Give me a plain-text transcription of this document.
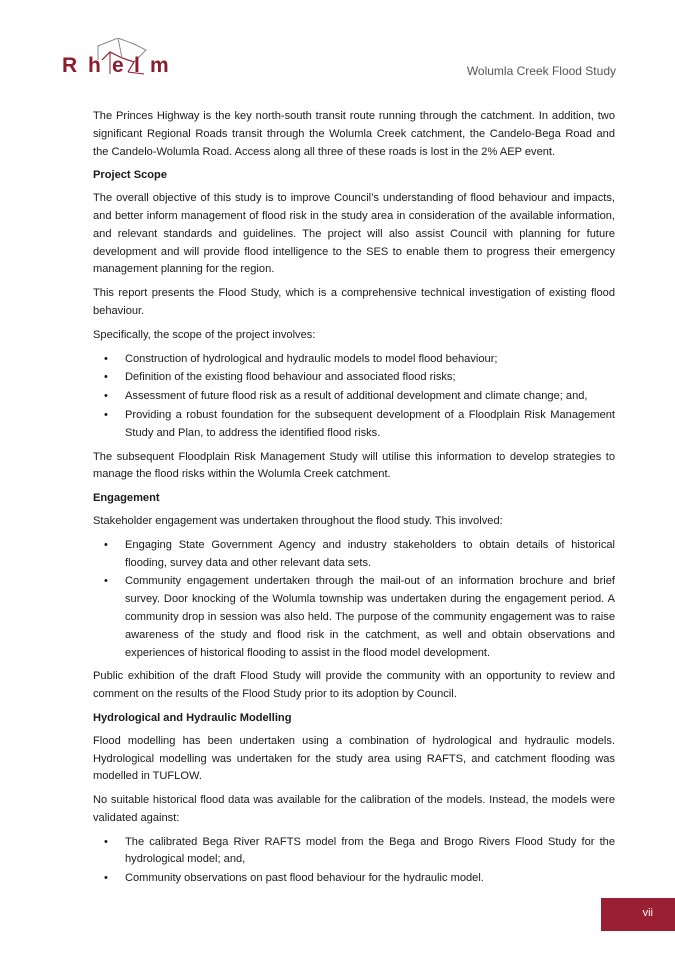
R h e l m	Wolumla Creek Flood Study

The Princes Highway is the key north-south transit route running through the catchment. In addition, two significant Regional Roads transit through the Wolumla Creek catchment, the Candelo-Bega Road and the Candelo-Wolumla Road. Access along all three of these roads is lost in the 2% AEP event.

Project Scope

The overall objective of this study is to improve Council’s understanding of flood behaviour and impacts, and better inform management of flood risk in the study area in consideration of the available information, and relevant standards and guidelines. The project will also assist Council with planning for future development and will provide flood intelligence to the SES to enable them to progress their emergency management planning for the region.

This report presents the Flood Study, which is a comprehensive technical investigation of existing flood behaviour.

Specifically, the scope of the project involves:

• Construction of hydrological and hydraulic models to model flood behaviour;
• Definition of the existing flood behaviour and associated flood risks;
• Assessment of future flood risk as a result of additional development and climate change; and,
• Providing a robust foundation for the subsequent development of a Floodplain Risk Management Study and Plan, to address the identified flood risks.

The subsequent Floodplain Risk Management Study will utilise this information to develop strategies to manage the flood risks within the Wolumla Creek catchment.

Engagement

Stakeholder engagement was undertaken throughout the flood study. This involved:

• Engaging State Government Agency and industry stakeholders to obtain details of historical flooding, survey data and other relevant data sets.
• Community engagement undertaken through the mail-out of an information brochure and brief survey. Door knocking of the Wolumla township was undertaken during the engagement period. A community drop in session was also held. The purpose of the community engagement was to raise awareness of the study and flood risk in the catchment, as well and obtain observations and experiences of historical flooding to assist in the flood model development.

Public exhibition of the draft Flood Study will provide the community with an opportunity to review and comment on the results of the Flood Study prior to its adoption by Council.

Hydrological and Hydraulic Modelling

Flood modelling has been undertaken using a combination of hydrological and hydraulic models. Hydrological modelling was undertaken for the study area using RAFTS, and catchment flooding was modelled in TUFLOW.

No suitable historical flood data was available for the calibration of the models. Instead, the models were validated against:

• The calibrated Bega River RAFTS model from the Bega and Brogo Rivers Flood Study for the hydrological model; and,
• Community observations on past flood behaviour for the hydraulic model.
vii
